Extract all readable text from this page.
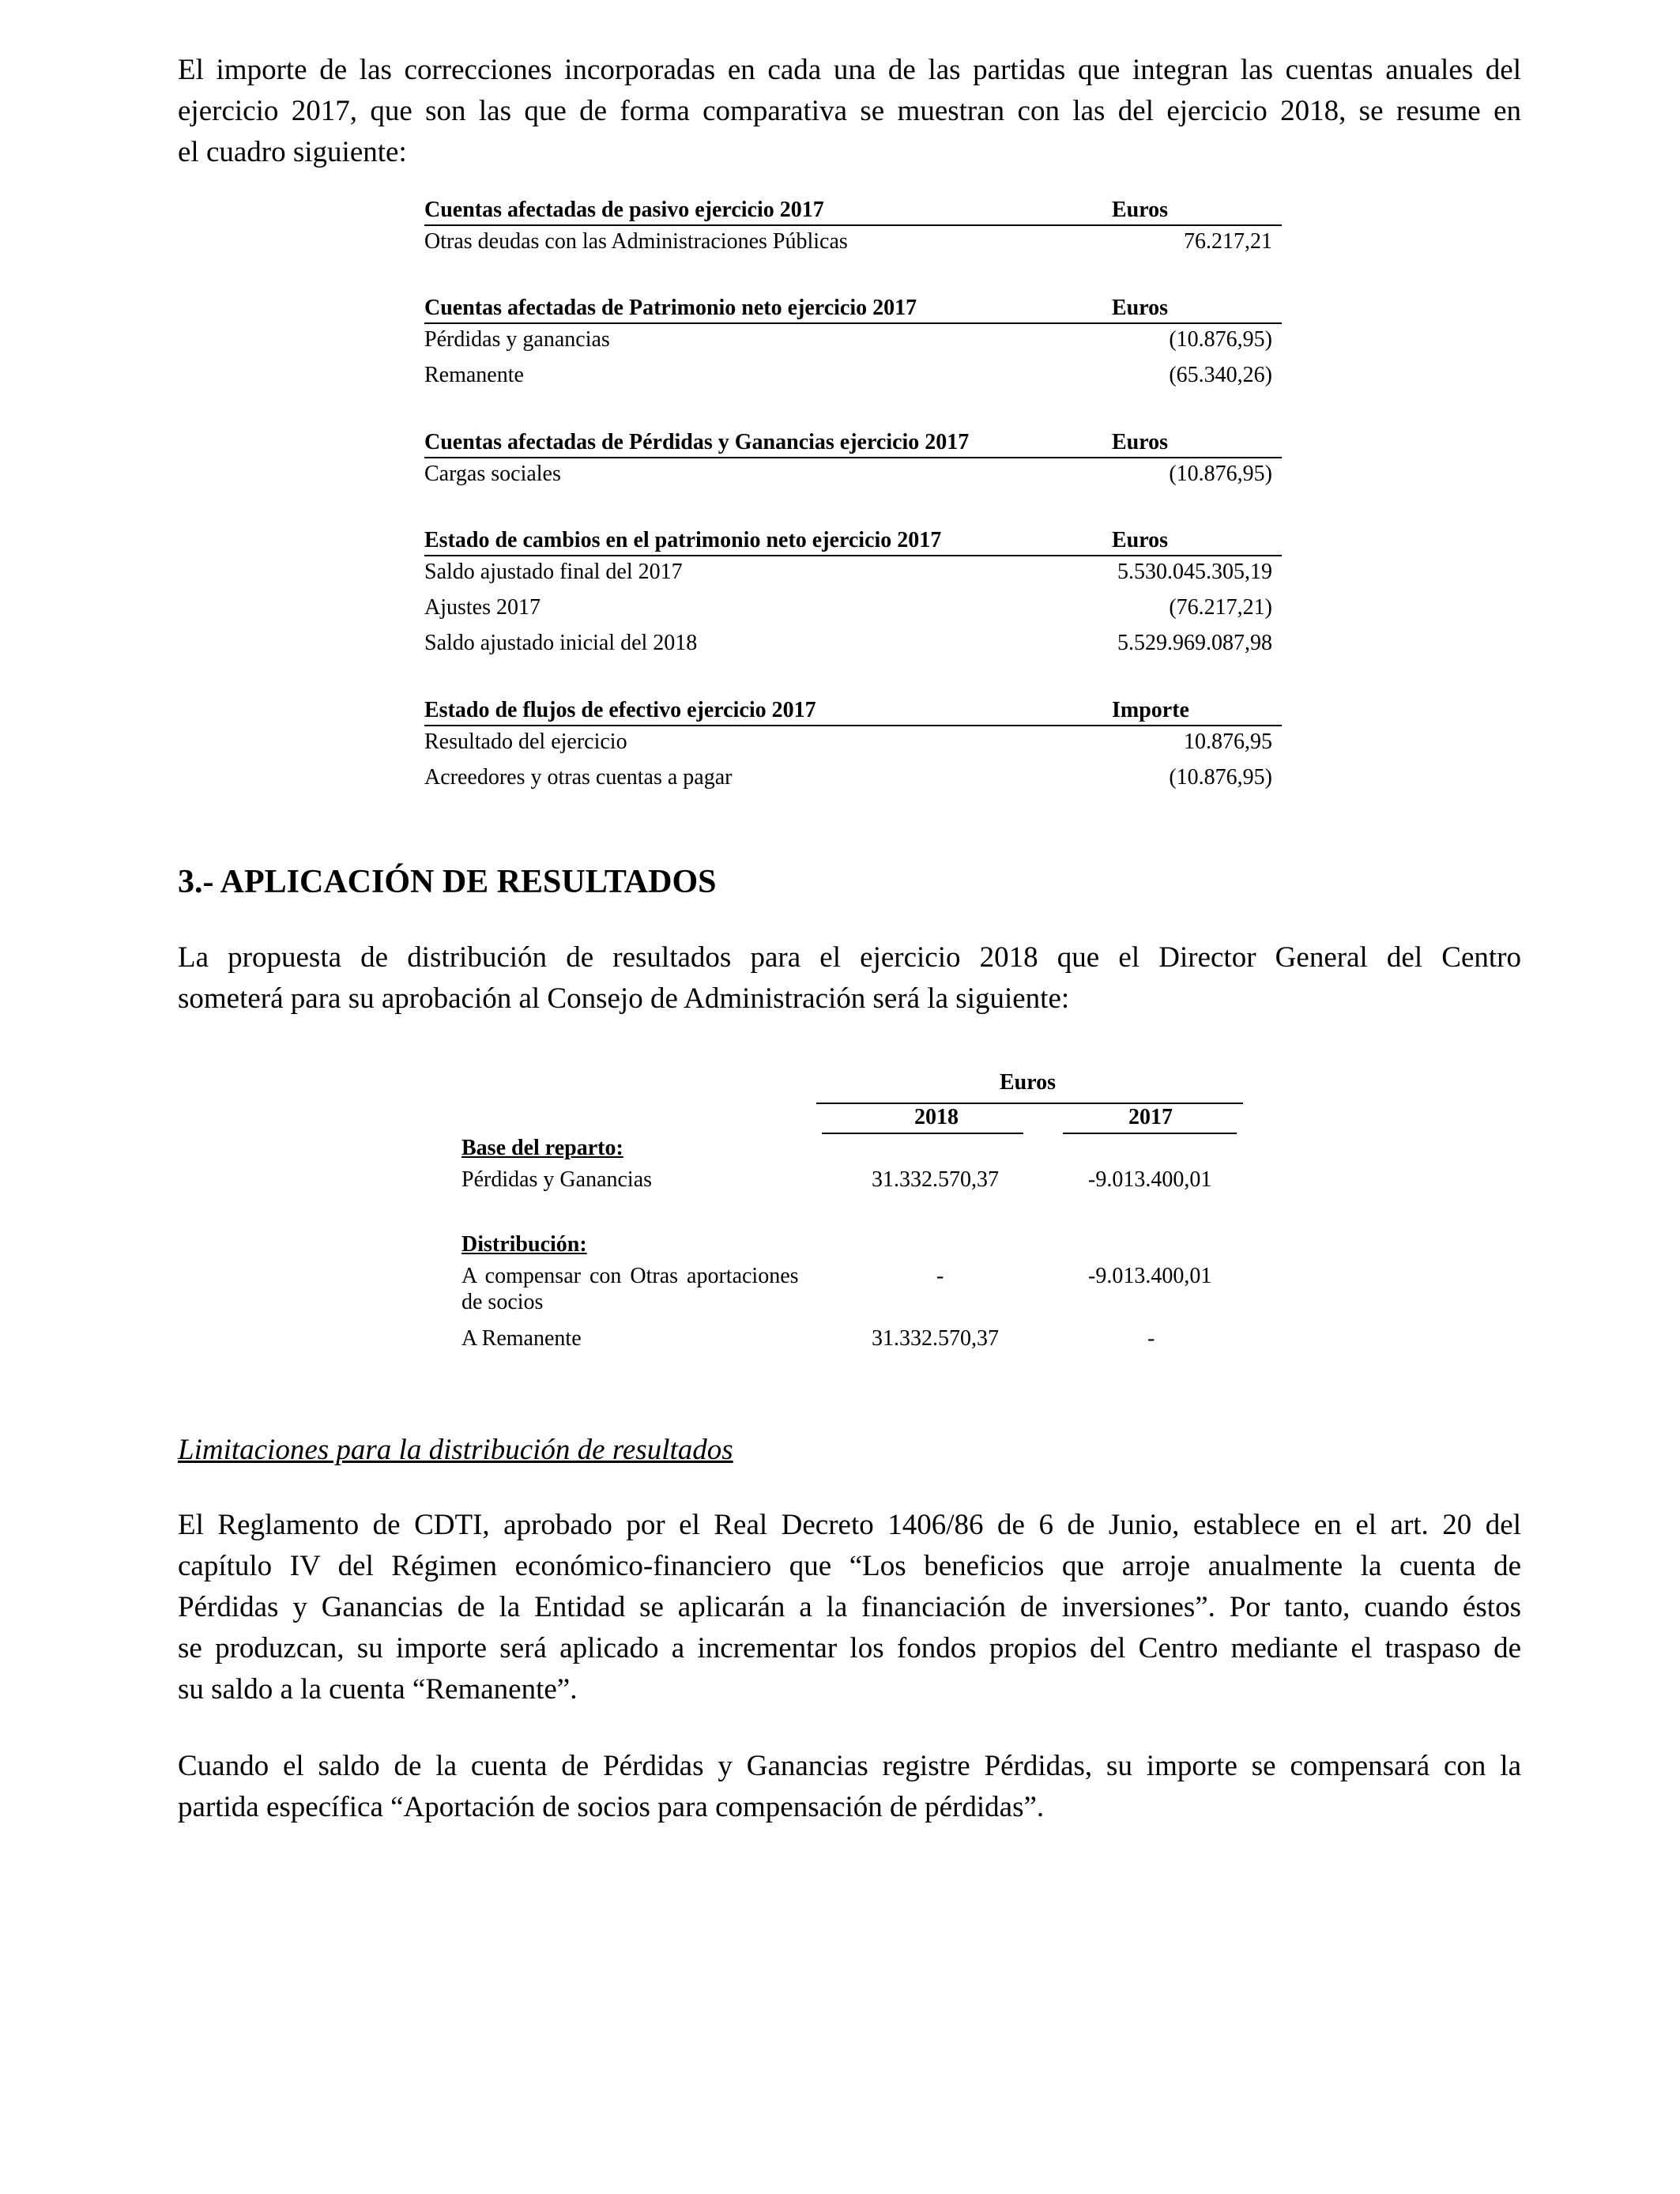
El importe de las correcciones incorporadas en cada una de las partidas que integran las cuentas anuales del
ejercicio 2017, que son las que de forma comparativa se muestran con las del ejercicio 2018, se resume en
el cuadro siguiente:
Cuentas afectadas de pasivo ejercicio 2017	Euros
Otras deudas con las Administraciones Públicas	76.217,21
Cuentas afectadas de Patrimonio neto ejercicio 2017	Euros
Pérdidas y ganancias	(10.876,95)
Remanente	(65.340,26)
Cuentas afectadas de Pérdidas y Ganancias ejercicio 2017	Euros
Cargas sociales	(10.876,95)
Estado de cambios en el patrimonio neto ejercicio 2017	Euros
Saldo ajustado final del 2017	5.530.045.305,19
Ajustes 2017	(76.217,21)
Saldo ajustado inicial del 2018	5.529.969.087,98
Estado de flujos de efectivo ejercicio 2017	Importe
Resultado del ejercicio	10.876,95
Acreedores y otras cuentas a pagar	(10.876,95)
3.- APLICACIÓN DE RESULTADOS
La propuesta de distribución de resultados para el ejercicio 2018 que el Director General del Centro
someterá para su aprobación al Consejo de Administración será la siguiente:
Euros
2018	2017
Base del reparto:
Pérdidas y Ganancias	31.332.570,37	-9.013.400,01
Distribución:
A compensar con Otras aportaciones
de socios
-	-9.013.400,01
A Remanente	31.332.570,37	-

Limitaciones para la distribución de resultados

El Reglamento de CDTI, aprobado por el Real Decreto 1406/86 de 6 de Junio, establece en el art. 20 del
capítulo IV del Régimen económico-financiero que “Los beneficios que arroje anualmente la cuenta de
Pérdidas y Ganancias de la Entidad se aplicarán a la financiación de inversiones”. Por tanto, cuando éstos
se produzcan, su importe será aplicado a incrementar los fondos propios del Centro mediante el traspaso de
su saldo a la cuenta “Remanente”.
Cuando el saldo de la cuenta de Pérdidas y Ganancias registre Pérdidas, su importe se compensará con la
partida específica “Aportación de socios para compensación de pérdidas”.
